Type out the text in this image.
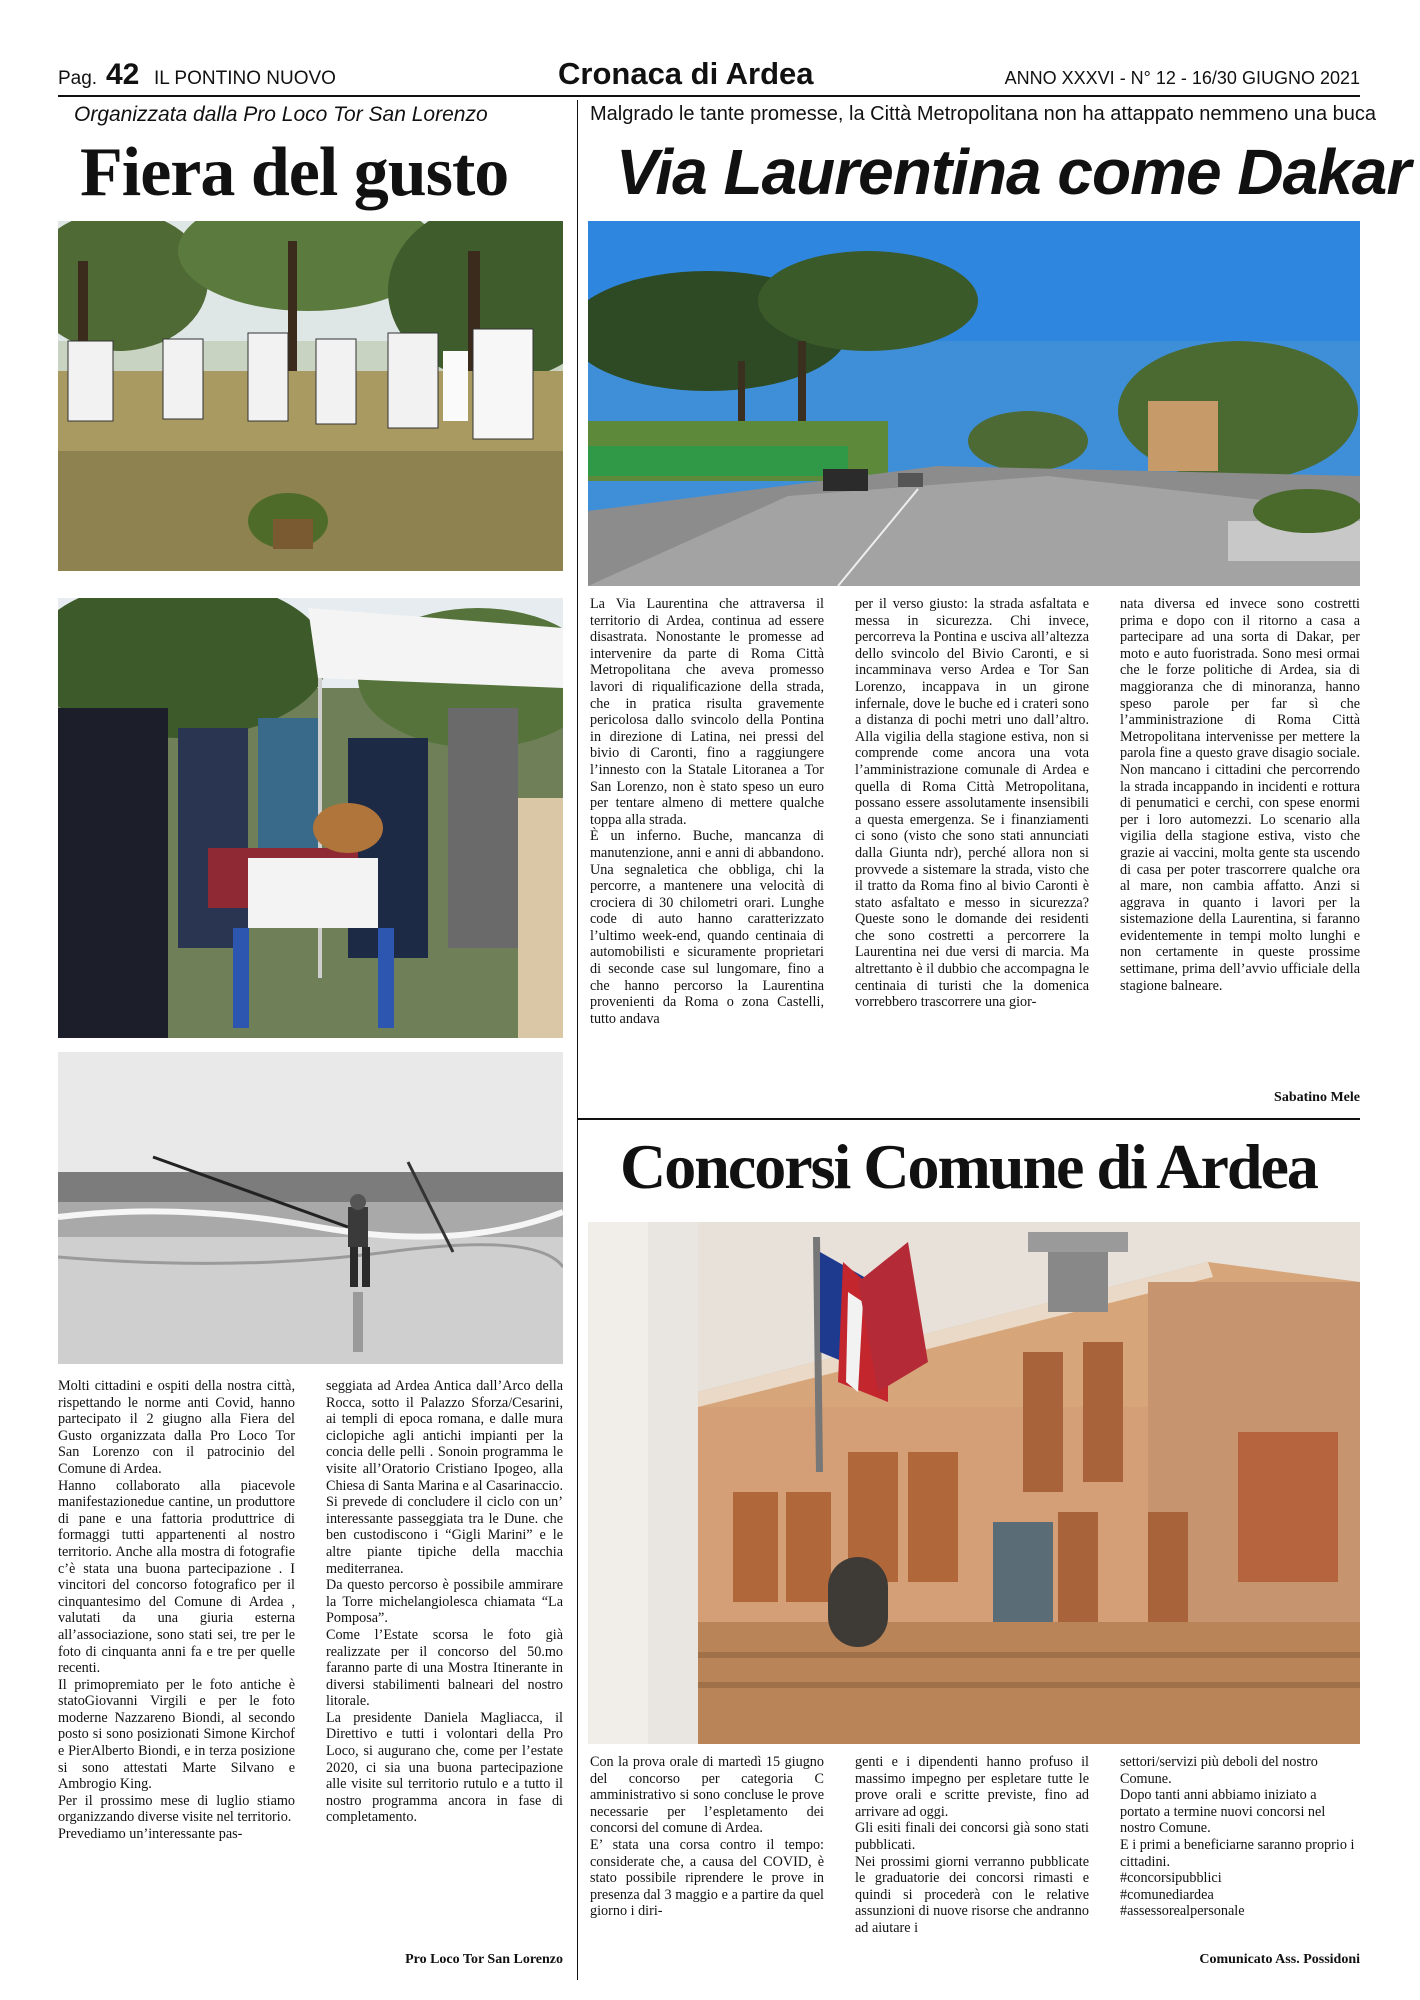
Pag. 42 IL PONTINO NUOVO	Cronaca di Ardea	ANNO XXXVI - N° 12 - 16/30 GIUGNO 2021
Organizzata dalla Pro Loco Tor San Lorenzo
Fiera del gusto
Molti cittadini e ospiti della nostra città, rispettando le norme anti Covid, hanno partecipato il 2 giugno alla Fiera del Gusto organizzata dalla Pro Loco Tor San Lorenzo con il patrocinio del Comune di Ardea.
Hanno collaborato alla piacevole manifestazionedue cantine, un produttore di pane e una fattoria produttrice di formaggi tutti appartenenti al nostro territorio. Anche alla mostra di fotografie c’è stata una buona partecipazione . I vincitori del concorso fotografico per il cinquantesimo del Comune di Ardea , valutati da una giuria esterna all’associazione, sono stati sei, tre per le foto di cinquanta anni fa e tre per quelle recenti.
Il primopremiato per le foto antiche è statoGiovanni Virgili e per le foto moderne Nazzareno Biondi, al secondo posto si sono posizionati Simone Kirchof e PierAlberto Biondi, e in terza posizione si sono attestati Marte Silvano e Ambrogio King.
Per il prossimo mese di luglio stiamo organizzando diverse visite nel territorio.
Prevediamo un’interessante pas-
seggiata ad Ardea Antica dall’Arco della Rocca, sotto il Palazzo Sforza/Cesarini, ai templi di epoca romana, e dalle mura ciclopiche agli antichi impianti per la concia delle pelli . Sonoin programma le visite all’Oratorio Cristiano Ipogeo, alla Chiesa di Santa Marina e al Casarinaccio. Si prevede di concludere il ciclo con un’ interessante passeggiata tra le Dune. che ben custodiscono i “Gigli Marini” e le altre piante tipiche della macchia mediterranea.
Da questo percorso è possibile ammirare la Torre michelangiolesca chiamata “La Pomposa”.
Come l’Estate scorsa le foto già realizzate per il concorso del 50.mo faranno parte di una Mostra Itinerante in diversi stabilimenti balneari del nostro litorale.
La presidente Daniela Magliacca, il Direttivo e tutti i volontari della Pro Loco, si augurano che, come per l’estate 2020, ci sia una buona partecipazione alle visite sul territorio rutulo e a tutto il nostro programma ancora in fase di completamento.
Pro Loco Tor San Lorenzo
Malgrado le tante promesse, la Città Metropolitana non ha attappato nemmeno una buca
Via Laurentina come Dakar
La Via Laurentina che attraversa il territorio di Ardea, continua ad essere disastrata. Nonostante le promesse ad intervenire da parte di Roma Città Metropolitana che aveva promesso lavori di riqualificazione della strada, che in pratica risulta gravemente pericolosa dallo svincolo della Pontina in direzione di Latina, nei pressi del bivio di Caronti, fino a raggiungere l’innesto con la Statale Litoranea a Tor San Lorenzo, non è stato speso un euro per tentare almeno di mettere qualche toppa alla strada.
È un inferno. Buche, mancanza di manutenzione, anni e anni di abbandono. Una segnaletica che obbliga, chi la percorre, a mantenere una velocità di crociera di 30 chilometri orari. Lunghe code di auto hanno caratterizzato l’ultimo week-end, quando centinaia di automobilisti e sicuramente proprietari di seconde case sul lungomare, fino a che hanno percorso la Laurentina provenienti da Roma o zona Castelli, tutto andava
per il verso giusto: la strada asfaltata e messa in sicurezza. Chi invece, percorreva la Pontina e usciva all’altezza dello svincolo del Bivio Caronti, e si incamminava verso Ardea e Tor San Lorenzo, incappava in un girone infernale, dove le buche ed i crateri sono a distanza di pochi metri uno dall’altro. Alla vigilia della stagione estiva, non si comprende come ancora una vota l’amministrazione comunale di Ardea e quella di Roma Città Metropolitana, possano essere assolutamente insensibili a questa emergenza. Se i finanziamenti ci sono (visto che sono stati annunciati dalla Giunta ndr), perché allora non si provvede a sistemare la strada, visto che il tratto da Roma fino al bivio Caronti è stato asfaltato e messo in sicurezza? Queste sono le domande dei residenti che sono costretti a percorrere la Laurentina nei due versi di marcia. Ma altrettanto è il dubbio che accompagna le centinaia di turisti che la domenica vorrebbero trascorrere una gior-
nata diversa ed invece sono costretti prima e dopo con il ritorno a casa a partecipare ad una sorta di Dakar, per moto e auto fuoristrada. Sono mesi ormai che le forze politiche di Ardea, sia di maggioranza che di minoranza, hanno speso parole per far sì che l’amministrazione di Roma Città Metropolitana intervenisse per mettere la parola fine a questo grave disagio sociale. Non mancano i cittadini che percorrendo la strada incappando in incidenti e rottura di penumatici e cerchi, con spese enormi per i loro automezzi. Lo scenario alla vigilia della stagione estiva, visto che grazie ai vaccini, molta gente sta uscendo di casa per poter trascorrere qualche ora al mare, non cambia affatto. Anzi si aggrava in quanto i lavori per la sistemazione della Laurentina, si faranno evidentemente in tempi molto lunghi e non certamente in queste prossime settimane, prima dell’avvio ufficiale della stagione balneare.
Sabatino Mele
Concorsi Comune di Ardea
Con la prova orale di martedì 15 giugno del concorso per categoria C amministrativo si sono concluse le prove necessarie per l’espletamento dei concorsi del comune di Ardea.
E’ stata una corsa contro il tempo: considerate che, a causa del COVID, è stato possibile riprendere le prove in presenza dal 3 maggio e a partire da quel giorno i diri-
genti e i dipendenti hanno profuso il massimo impegno per espletare tutte le prove orali e scritte previste, fino ad arrivare ad oggi.
Gli esiti finali dei concorsi già sono stati pubblicati.
Nei prossimi giorni verranno pubblicate le graduatorie dei concorsi rimasti e quindi si procederà con le relative assunzioni di nuove risorse che andranno ad aiutare i
settori/servizi più deboli del nostro Comune.
Dopo tanti anni abbiamo iniziato a portato a termine nuovi concorsi nel nostro Comune.
E i primi a beneficiarne saranno proprio i cittadini.
#concorsipubblici
#comunediardea
#assessorealpersonale
Comunicato Ass. Possidoni
